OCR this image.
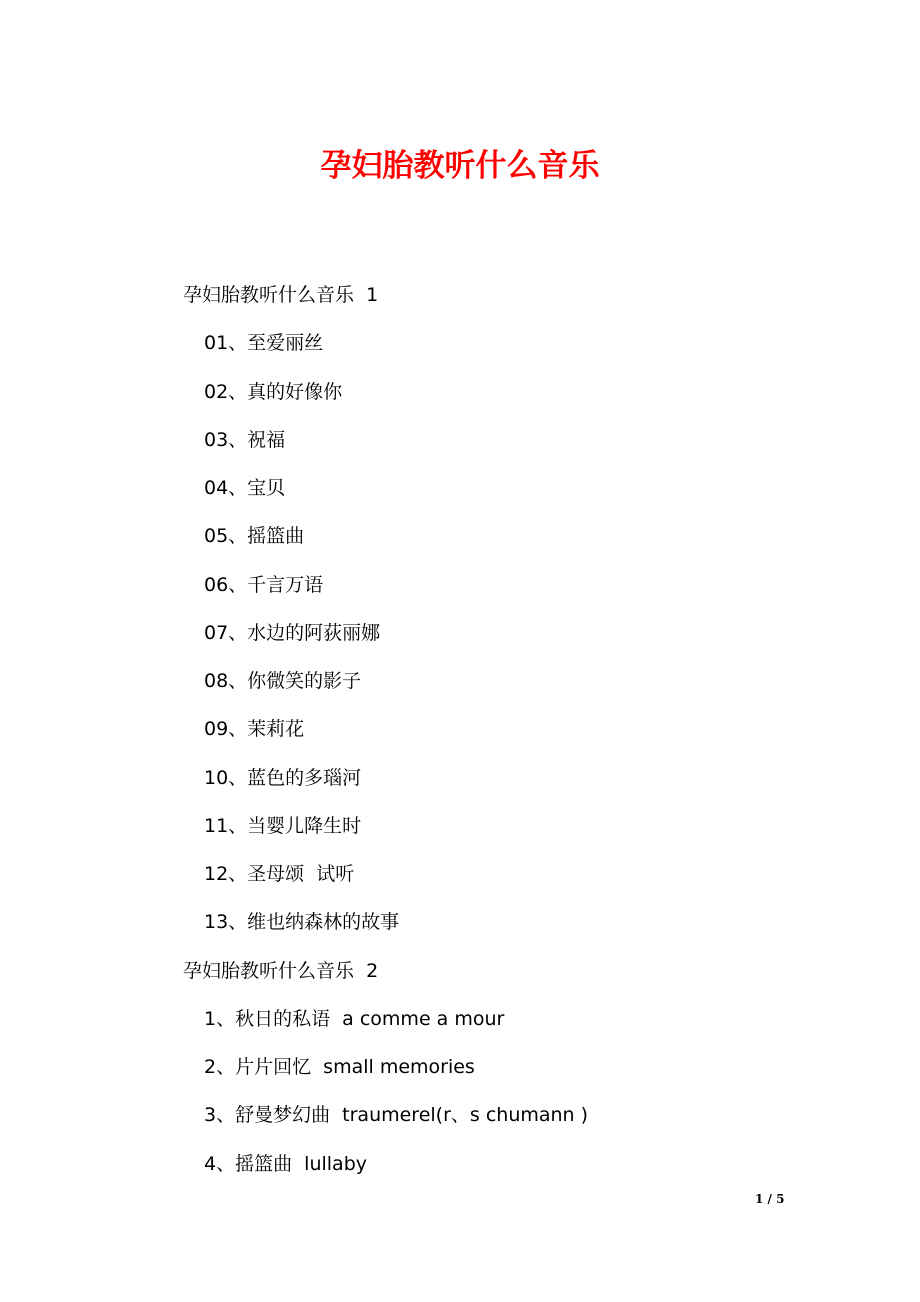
孕妇胎教听什么音乐
孕妇胎教听什么音乐  1
01、至爱丽丝
02、真的好像你
03、祝福
04、宝贝
05、摇篮曲
06、千言万语
07、水边的阿荻丽娜
08、你微笑的影子
09、茉莉花
10、蓝色的多瑙河
11、当婴儿降生时
12、圣母颂  试听
13、维也纳森林的故事
孕妇胎教听什么音乐  2
1、秋日的私语  a comme a mour
2、片片回忆  small memories
3、舒曼梦幻曲  traumerel(r、s chumann )
4、摇篮曲  lullaby
1 / 5
